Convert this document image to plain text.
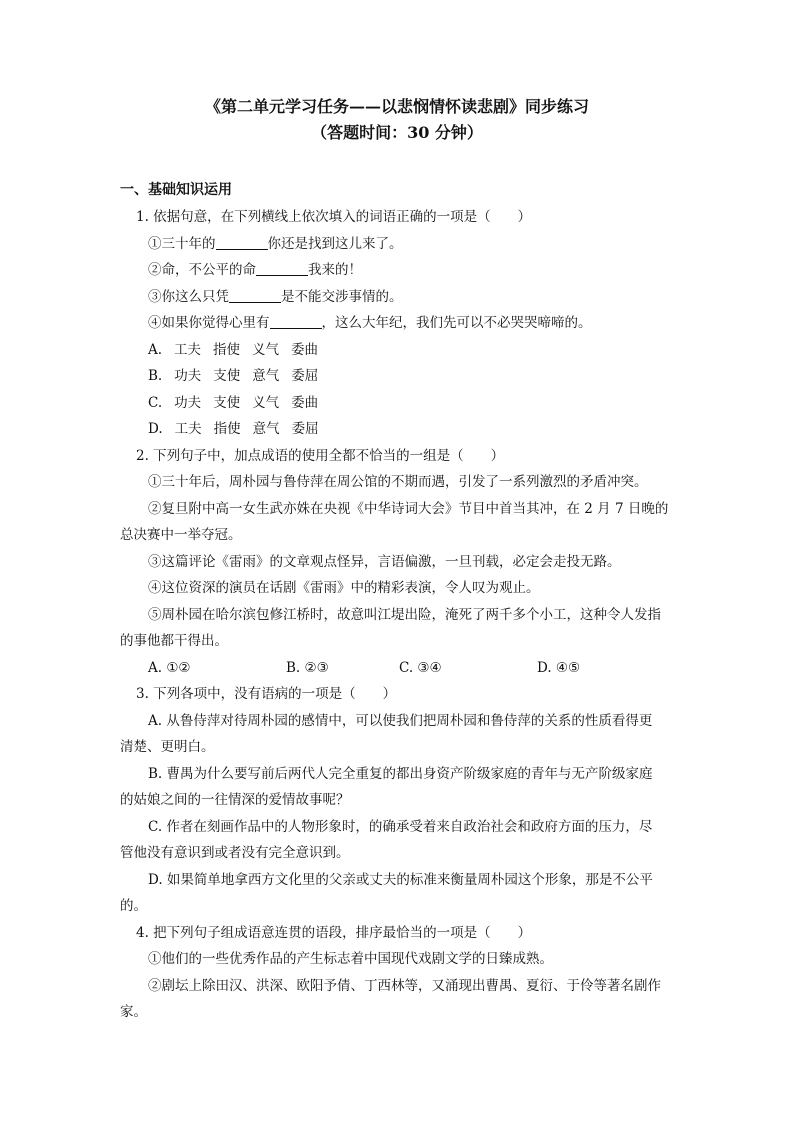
《第二单元学习任务——以悲悯情怀读悲剧》同步练习
（答题时间：30 分钟）
一、基础知识运用
1. 依据句意，在下列横线上依次填入的词语正确的一项是（　　）
①三十年的	你还是找到这儿来了。
②命，不公平的命	我来的！
③你这么只凭	是不能交涉事情的。
④如果你觉得心里有	，这么大年纪，我们先可以不必哭哭啼啼的。
A. 工夫 指使 义气 委曲
B. 功夫 支使 意气 委屈
C. 功夫 支使 义气 委曲
D. 工夫 指使 意气 委屈
2. 下列句子中，加点成语的使用全都不恰当的一组是（　　）
①三十年后，周朴园与鲁侍萍在周公馆的不期而遇，引发了一系列激烈的矛盾冲突。
②复旦附中高一女生武亦姝在央视《中华诗词大会》节目中首当其冲，在 2 月 7 日晚的
总决赛中一举夺冠。
③这篇评论《雷雨》的文章观点怪异，言语偏激，一旦刊载，必定会走投无路。
④这位资深的演员在话剧《雷雨》中的精彩表演，令人叹为观止。
⑤周朴园在哈尔滨包修江桥时，故意叫江堤出险，淹死了两千多个小工，这种令人发指
的事他都干得出。
A. ①②	B. ②③	C. ③④	D. ④⑤
3. 下列各项中，没有语病的一项是（　　）
A. 从鲁侍萍对待周朴园的感情中，可以使我们把周朴园和鲁侍萍的关系的性质看得更
清楚、更明白。
B. 曹禺为什么要写前后两代人完全重复的都出身资产阶级家庭的青年与无产阶级家庭
的姑娘之间的一往情深的爱情故事呢？
C. 作者在刻画作品中的人物形象时，的确承受着来自政治社会和政府方面的压力，尽
管他没有意识到或者没有完全意识到。
D. 如果简单地拿西方文化里的父亲或丈夫的标准来衡量周朴园这个形象，那是不公平
的。
4. 把下列句子组成语意连贯的语段，排序最恰当的一项是（　　）
①他们的一些优秀作品的产生标志着中国现代戏剧文学的日臻成熟。
②剧坛上除田汉、洪深、欧阳予倩、丁西林等，又涌现出曹禺、夏衍、于伶等著名剧作
家。
